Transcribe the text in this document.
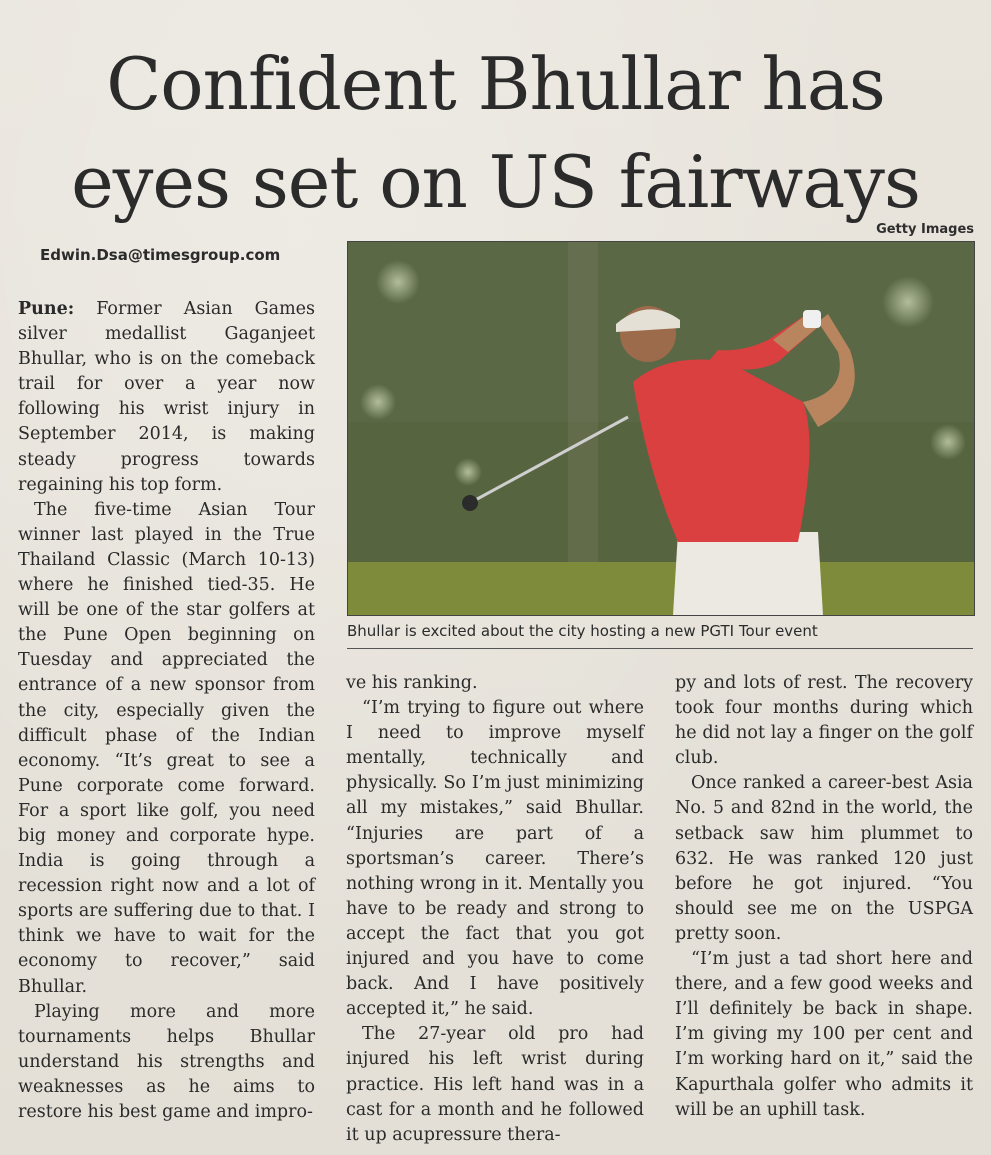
Confident Bhullar has
eyes set on US fairways
Getty Images
Edwin.Dsa@timesgroup.com
Bhullar is excited about the city hosting a new PGTI Tour event

Pune: Former Asian Games silver medallist Gaganjeet Bhullar, who is on the comeback trail for over a year now following his wrist injury in September 2014, is making steady progress towards regaining his top form.

The five-time Asian Tour winner last played in the True Thailand Classic (March 10-13) where he finished tied-35. He will be one of the star golfers at the Pune Open beginning on Tuesday and appreciated the entrance of a new sponsor from the city, especially given the difficult phase of the Indian economy. “It’s great to see a Pune corporate come forward. For a sport like golf, you need big money and corporate hype. India is going through a recession right now and a lot of sports are suffering due to that. I think we have to wait for the economy to recover,” said Bhullar.

Playing more and more tournaments helps Bhullar understand his strengths and weaknesses as he aims to restore his best game and impro-

ve his ranking.

“I’m trying to figure out where I need to improve myself mentally, technically and physically. So I’m just minimizing all my mistakes,” said Bhullar. “Injuries are part of a sportsman’s career. There’s nothing wrong in it. Mentally you have to be ready and strong to accept the fact that you got injured and you have to come back. And I have positively accepted it,” he said.

The 27-year old pro had injured his left wrist during practice. His left hand was in a cast for a month and he followed it up acupressure thera-

py and lots of rest. The recovery took four months during which he did not lay a finger on the golf club.

Once ranked a career-best Asia No. 5 and 82nd in the world, the setback saw him plummet to 632. He was ranked 120 just before he got injured. “You should see me on the USPGA pretty soon.

“I’m just a tad short here and there, and a few good weeks and I’ll definitely be back in shape. I’m giving my 100 per cent and I’m working hard on it,” said the Kapurthala golfer who admits it will be an uphill task.
